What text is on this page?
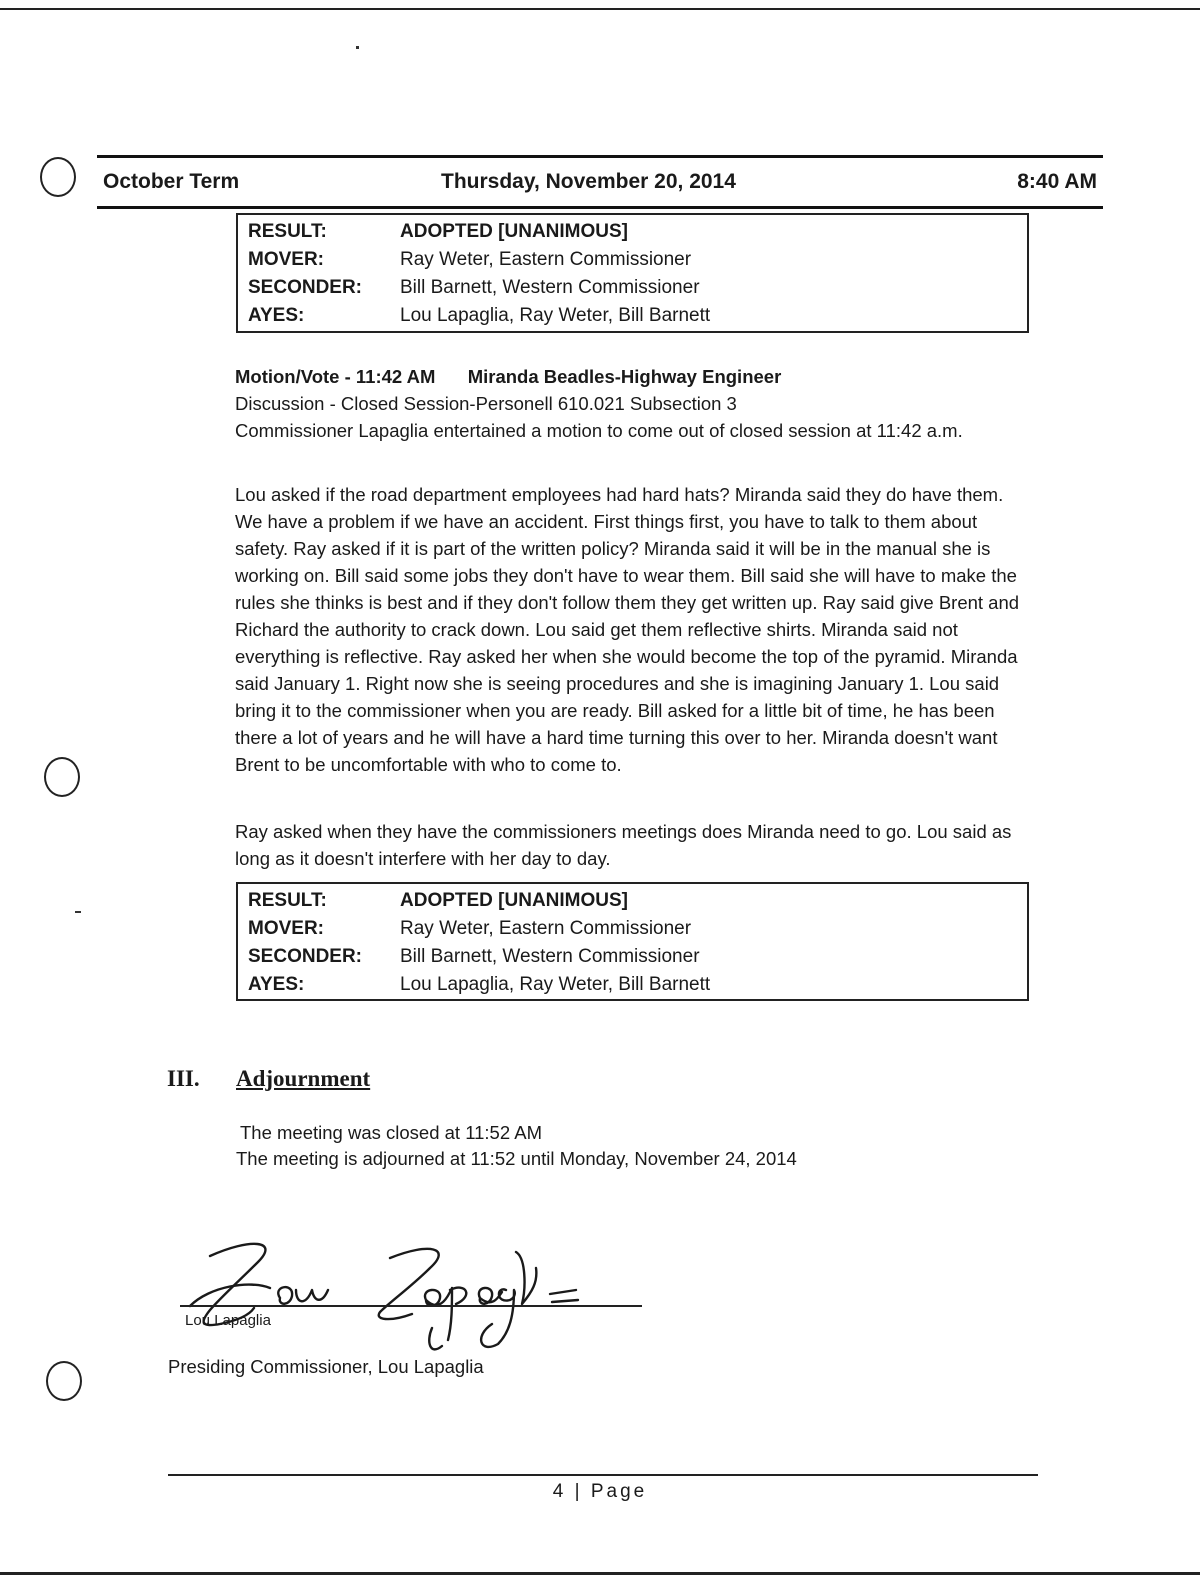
October Term	Thursday, November 20, 2014	8:40 AM
RESULT:	ADOPTED [UNANIMOUS]
MOVER:	Ray Weter, Eastern Commissioner
SECONDER:	Bill Barnett, Western Commissioner
AYES:	Lou Lapaglia, Ray Weter, Bill Barnett

Motion/Vote - 11:42 AM Miranda Beadles-Highway Engineer

Discussion - Closed Session-Personell 610.021 Subsection 3

Commissioner Lapaglia entertained a motion to come out of closed session at 11:42 a.m.

Lou asked if the road department employees had hard hats? Miranda said they do have them. We have a problem if we have an accident. First things first, you have to talk to them about safety. Ray asked if it is part of the written policy? Miranda said it will be in the manual she is working on. Bill said some jobs they don't have to wear them. Bill said she will have to make the rules she thinks is best and if they don't follow them they get written up. Ray said give Brent and Richard the authority to crack down. Lou said get them reflective shirts. Miranda said not everything is reflective. Ray asked her when she would become the top of the pyramid. Miranda said January 1. Right now she is seeing procedures and she is imagining January 1. Lou said bring it to the commissioner when you are ready. Bill asked for a little bit of time, he has been there a lot of years and he will have a hard time turning this over to her. Miranda doesn't want Brent to be uncomfortable with who to come to.
Ray asked when they have the commissioners meetings does Miranda need to go. Lou said as long as it doesn't interfere with her day to day.
RESULT:	ADOPTED [UNANIMOUS]
MOVER:	Ray Weter, Eastern Commissioner
SECONDER:	Bill Barnett, Western Commissioner
AYES:	Lou Lapaglia, Ray Weter, Bill Barnett
III. Adjournment

The meeting was closed at 11:52 AM

The meeting is adjourned at 11:52 until Monday, November 24, 2014

Lou Lapaglia
Presiding Commissioner, Lou Lapaglia
4 | Page
